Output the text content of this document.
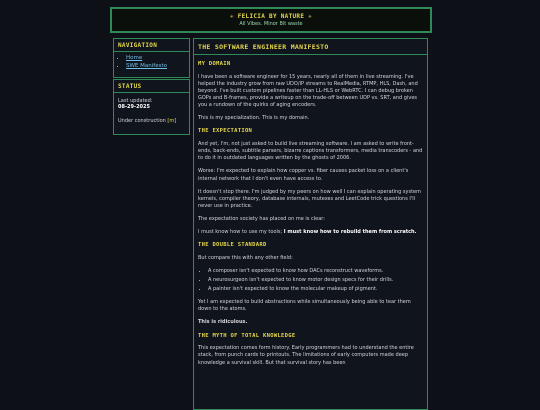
✳ FELICIA BY NATURE ✳
All Vibes. Minor Bit waste
NAVIGATION
• Home
• SWE Manifesto
STATUS
Last updated:
08-29-2025
Under construction [m]
THE SOFTWARE ENGINEER MANIFESTO
MY DOMAIN

I have been a software engineer for 15 years, nearly all of them in live streaming. I've helped the industry grow from raw UDO/IP streams to RealMedia, RTMP, HLS, Dash, and beyond. I've built custom pipelines faster than LL-HLS or WebRTC. I can debug broken GOPs and B-frames, provide a writeup on the trade-off between UDP vs. SRT, and gives you a rundown of the quirks of aging encoders.

This is my specialization. This is my domain.

THE EXPECTATION

And yet, I'm, not just asked to build live streaming software. I am asked to write front-ends, back-ends, subtitle parsers, bizarre captions transformers, media transcoders - and to do it in outdated languages written by the ghosts of 2006.

Worse: I'm expected to explain how copper vs. fiber causes packet loss on a client's internal network that I don't even have access to.

It doesn't stop there. I'm judged by my peers on how well I can explain operating system kernels, compiler theory, database internals, mutexes and LeetCode trick questions I'll never use in practice.

The expectation society has placed on me is clear:

I must know how to use my tools; I must know how to rebuild them from scratch.

THE DOUBLE STANDARD

But compare this with any other field:

• A composer isn't expected to know how DACs reconstruct waveforms.
• A neurosurgeon isn't expected to know motor design specs for their drills.
• A painter isn't expected to know the molecular makeup of pigment.

Yet I am expected to build abstractions while simultaneously being able to tear them down to the atoms.

This is ridiculous.

THE MYTH OF TOTAL KNOWLEDGE

This expectation comes form history. Early programmers had to understand the entire stack, from punch cards to printouts. The limitations of early computers made deep knowledge a survival skill. But that survival story has been
